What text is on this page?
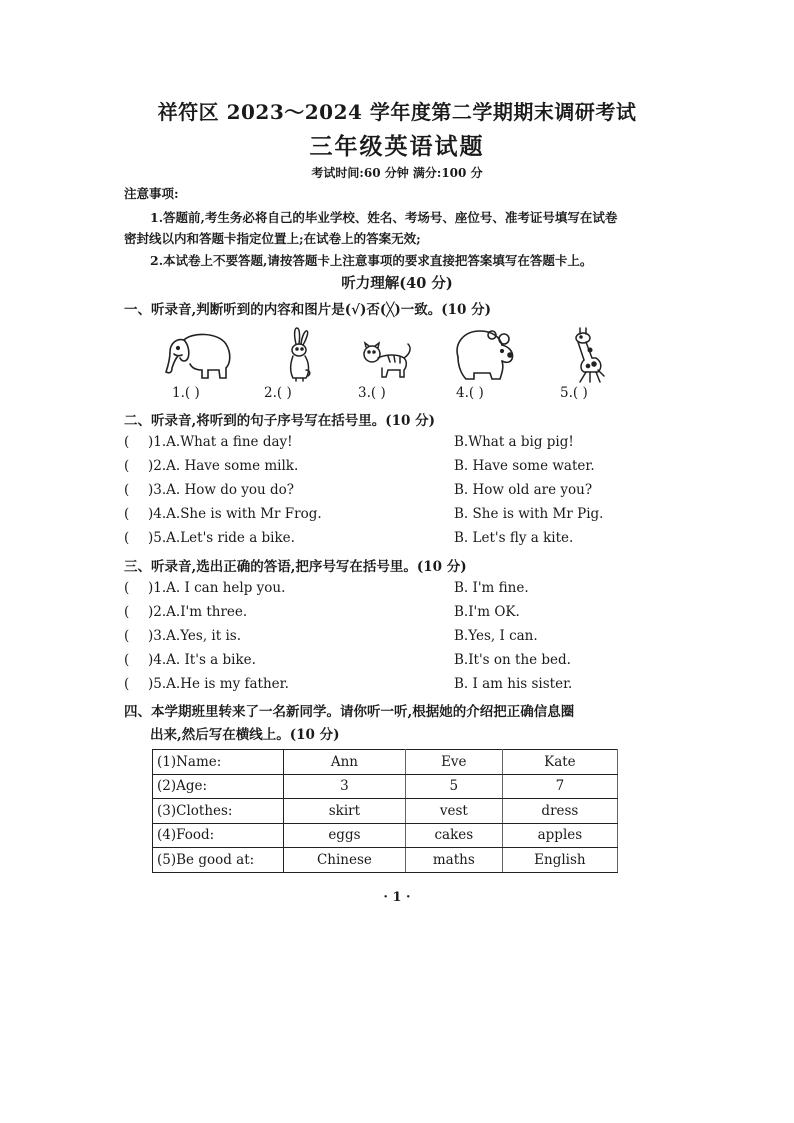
祥符区 2023～2024 学年度第二学期期末调研考试
三年级英语试题
考试时间:60 分钟 满分:100 分
注意事项:
1.答题前,考生务必将自己的毕业学校、姓名、考场号、座位号、准考证号填写在试卷
密封线以内和答题卡指定位置上;在试卷上的答案无效;
2.本试卷上不要答题,请按答题卡上注意事项的要求直接把答案填写在答题卡上。
听力理解(40 分)
一、听录音,判断听到的内容和图片是(√)否(╳)一致。(10 分)
1.( )	2.( )	3.( )	4.( )	5.( )
二、听录音,将听到的句子序号写在括号里。(10 分)
( )1.A.What a fine day!	B.What a big pig!
( )2.A. Have some milk.	B. Have some water.
( )3.A. How do you do?	B. How old are you?
( )4.A.She is with Mr Frog.	B. She is with Mr Pig.
( )5.A.Let's ride a bike.	B. Let's fly a kite.
三、听录音,选出正确的答语,把序号写在括号里。(10 分)
( )1.A. I can help you.	B. I'm fine.
( )2.A.I'm three.	B.I'm OK.
( )3.A.Yes, it is.	B.Yes, I can.
( )4.A. It's a bike.	B.It's on the bed.
( )5.A.He is my father.	B. I am his sister.
四、本学期班里转来了一名新同学。请你听一听,根据她的介绍把正确信息圈
出来,然后写在横线上。(10 分)
(1)Name:	Ann	Eve	Kate
(2)Age:	3	5	7
(3)Clothes:	skirt	vest	dress
(4)Food:	eggs	cakes	apples
(5)Be good at:	Chinese	maths	English
· 1 ·
